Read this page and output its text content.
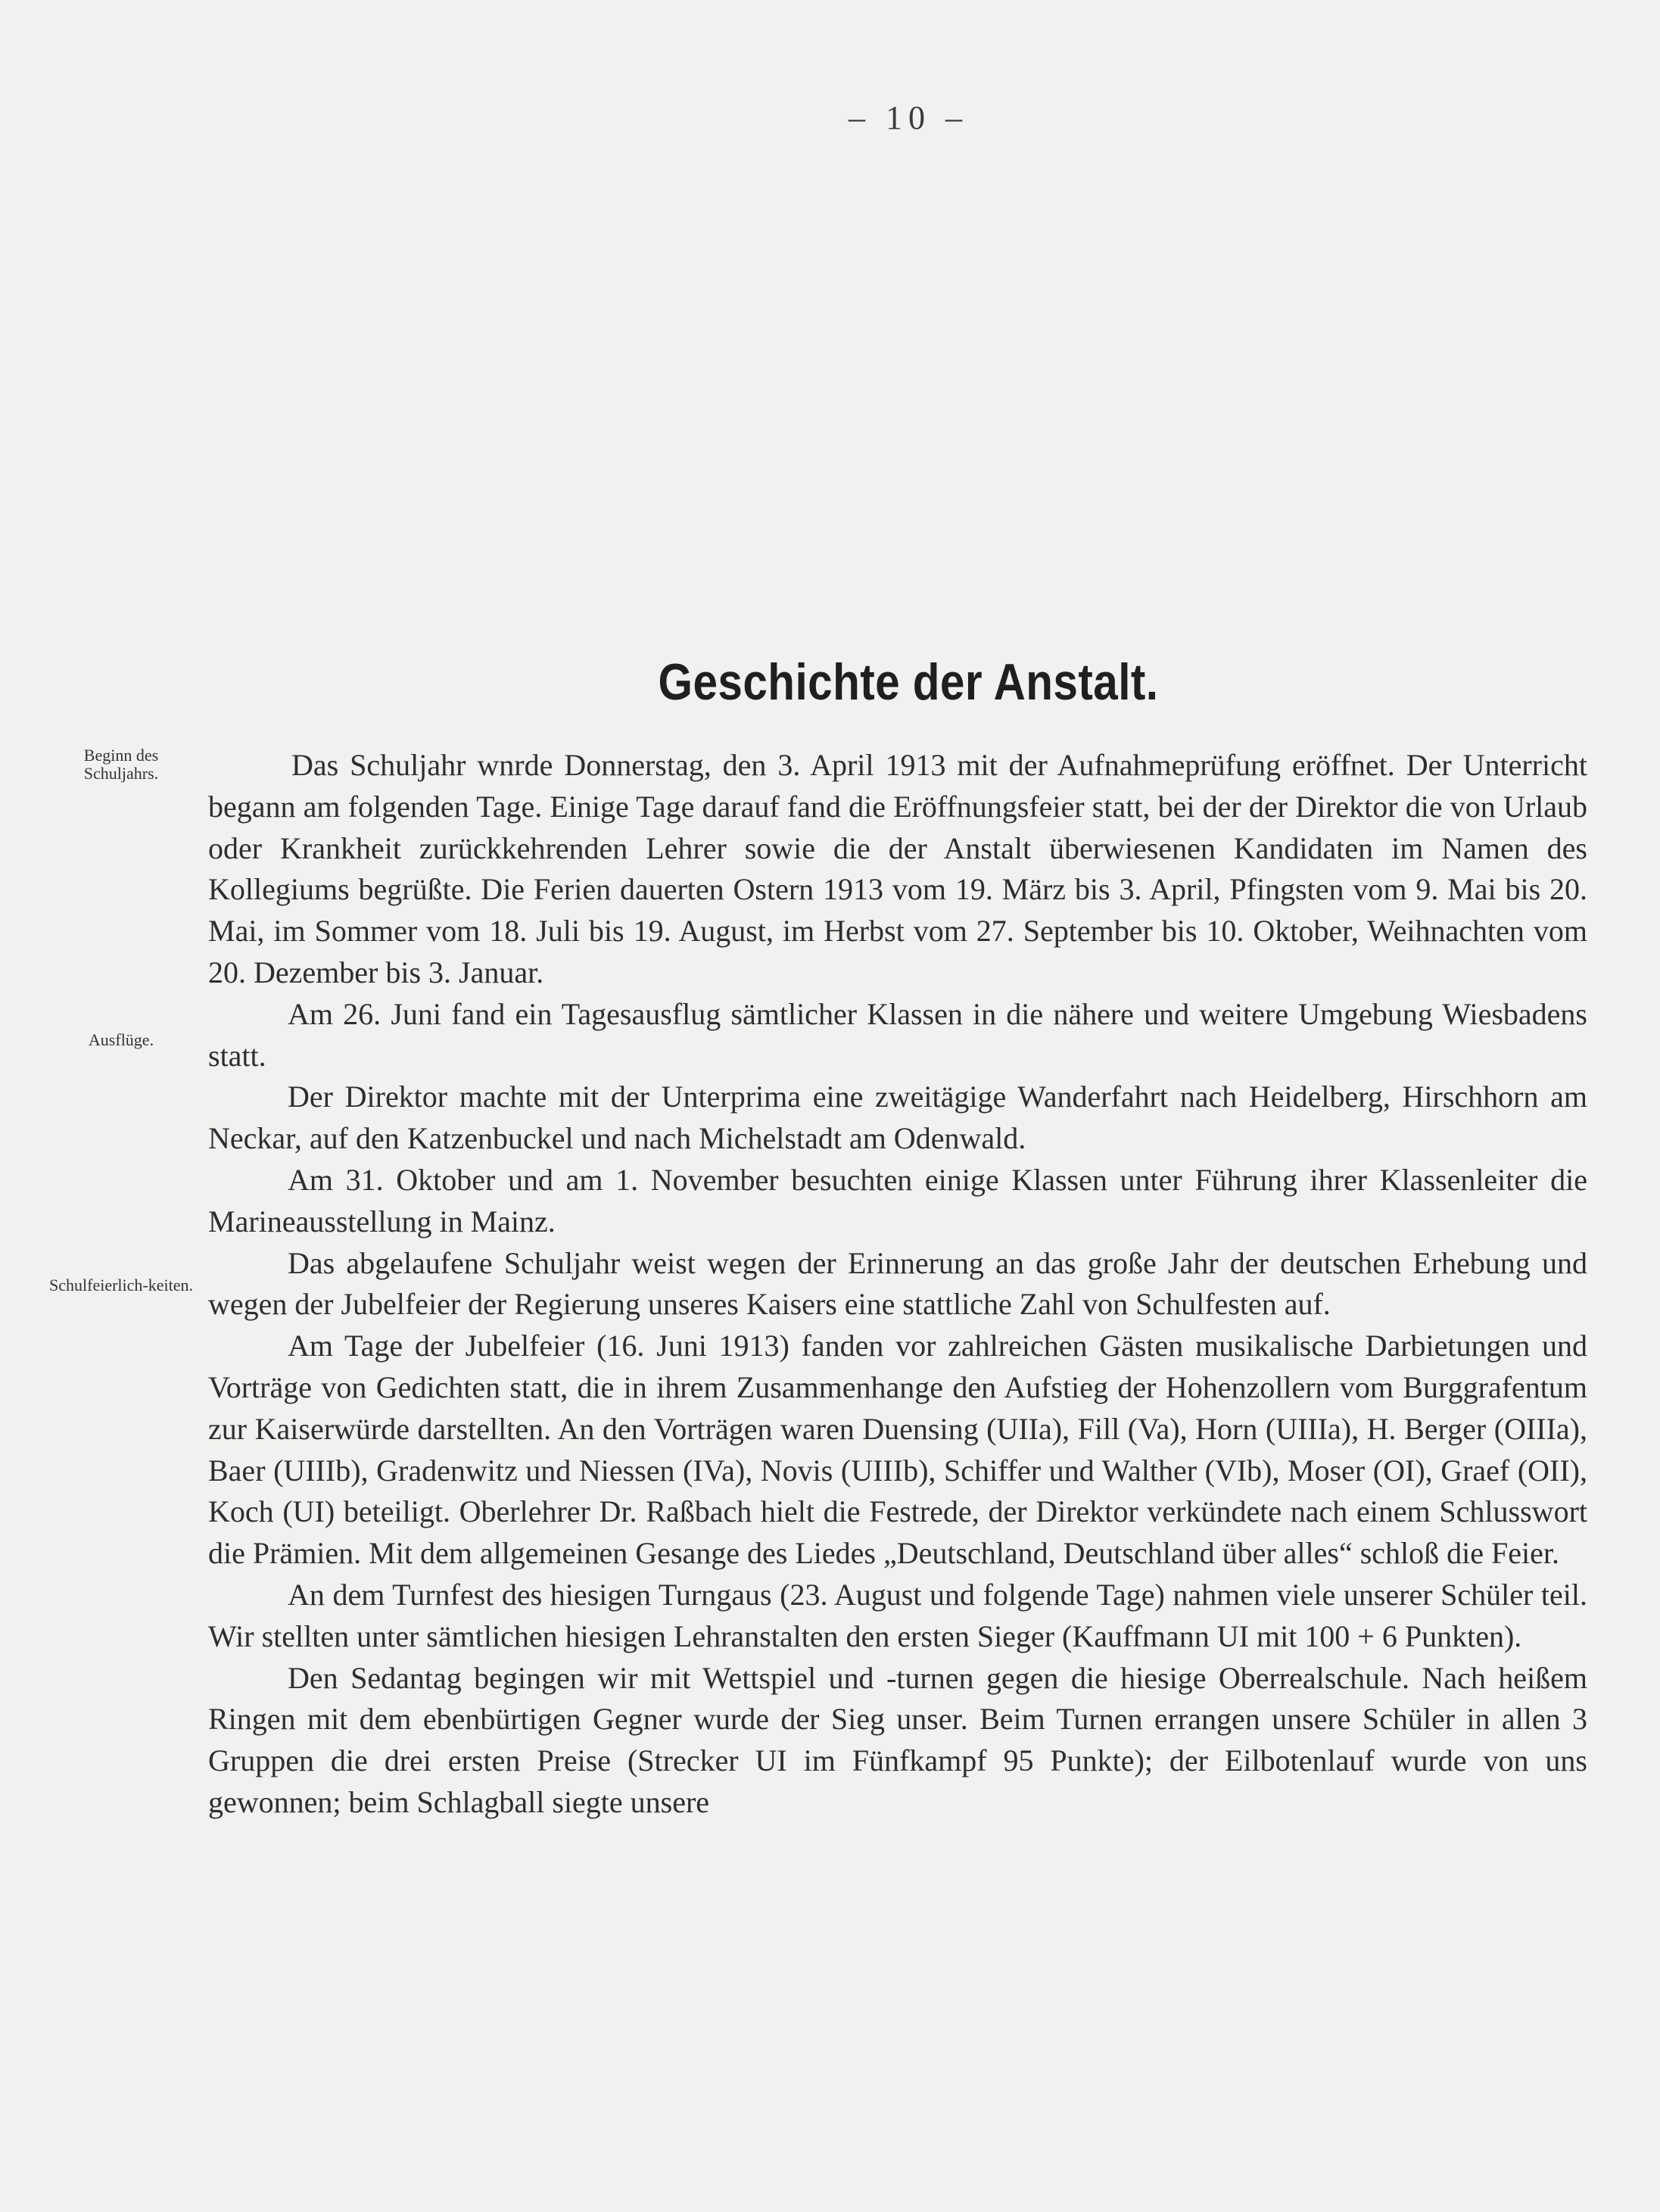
– 10 –
Geschichte der Anstalt.
Beginn des Schuljahrs.
Ausflüge.
Schulfeierlich-keiten.

Das Schuljahr wnrde Donnerstag, den 3. April 1913 mit der Aufnahmeprüfung eröffnet. Der Unterricht begann am folgenden Tage. Einige Tage darauf fand die Eröffnungsfeier statt, bei der der Direktor die von Urlaub oder Krankheit zurückkehrenden Lehrer sowie die der Anstalt überwiesenen Kandidaten im Namen des Kollegiums begrüßte. Die Ferien dauerten Ostern 1913 vom 19. März bis 3. April, Pfingsten vom 9. Mai bis 20. Mai, im Sommer vom 18. Juli bis 19. August, im Herbst vom 27. September bis 10. Oktober, Weihnachten vom 20. Dezember bis 3. Januar.

Am 26. Juni fand ein Tagesausflug sämtlicher Klassen in die nähere und weitere Umgebung Wiesbadens statt.

Der Direktor machte mit der Unterprima eine zweitägige Wanderfahrt nach Heidelberg, Hirschhorn am Neckar, auf den Katzenbuckel und nach Michelstadt am Odenwald.

Am 31. Oktober und am 1. November besuchten einige Klassen unter Führung ihrer Klassenleiter die Marineausstellung in Mainz.

Das abgelaufene Schuljahr weist wegen der Erinnerung an das große Jahr der deutschen Erhebung und wegen der Jubelfeier der Regierung unseres Kaisers eine stattliche Zahl von Schulfesten auf.

Am Tage der Jubelfeier (16. Juni 1913) fanden vor zahlreichen Gästen musikalische Darbietungen und Vorträge von Gedichten statt, die in ihrem Zusammenhange den Aufstieg der Hohenzollern vom Burggrafentum zur Kaiserwürde darstellten. An den Vorträgen waren Duensing (UIIa), Fill (Va), Horn (UIIIa), H. Berger (OIIIa), Baer (UIIIb), Gradenwitz und Niessen (IVa), Novis (UIIIb), Schiffer und Walther (VIb), Moser (OI), Graef (OII), Koch (UI) beteiligt. Oberlehrer Dr. Raßbach hielt die Festrede, der Direktor verkündete nach einem Schlusswort die Prämien. Mit dem allgemeinen Gesange des Liedes „Deutschland, Deutschland über alles“ schloß die Feier.

An dem Turnfest des hiesigen Turngaus (23. August und folgende Tage) nahmen viele unserer Schüler teil. Wir stellten unter sämtlichen hiesigen Lehranstalten den ersten Sieger (Kauffmann UI mit 100 + 6 Punkten).

Den Sedantag begingen wir mit Wettspiel und -turnen gegen die hiesige Oberrealschule. Nach heißem Ringen mit dem ebenbürtigen Gegner wurde der Sieg unser. Beim Turnen errangen unsere Schüler in allen 3 Gruppen die drei ersten Preise (Strecker UI im Fünfkampf 95 Punkte); der Eilbotenlauf wurde von uns gewonnen; beim Schlagball siegte unsere
